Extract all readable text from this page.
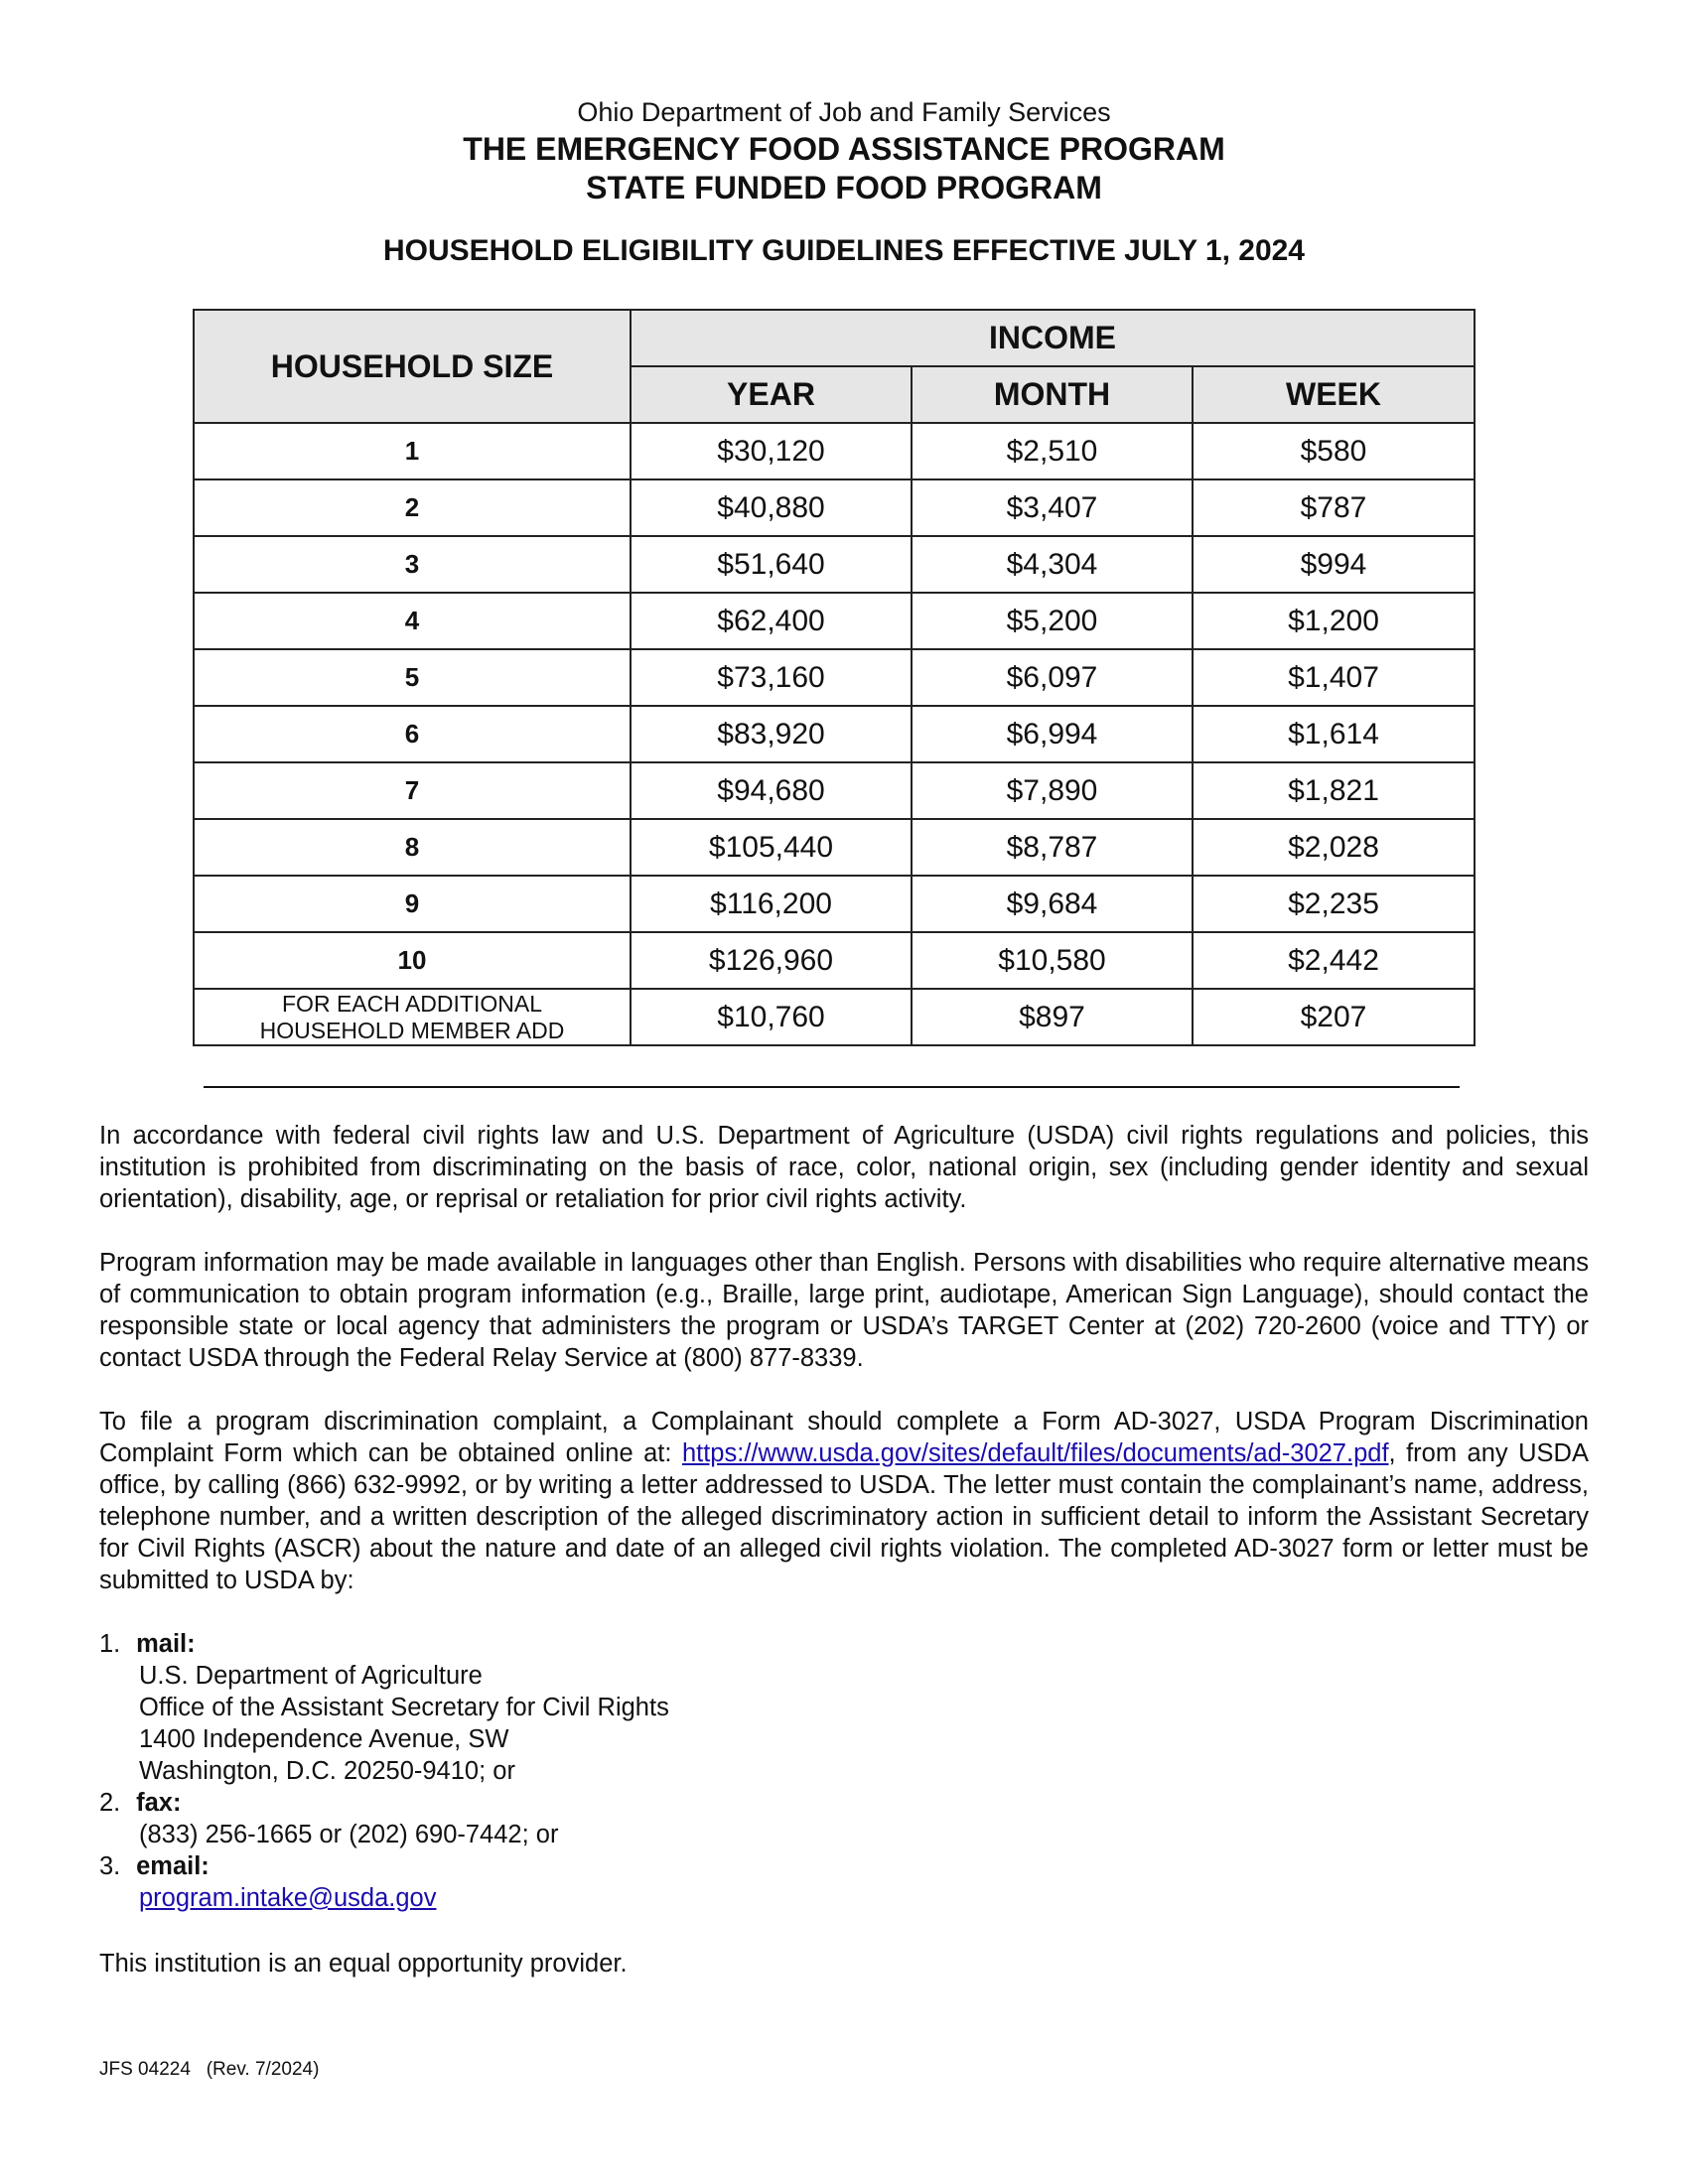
Ohio Department of Job and Family Services
THE EMERGENCY FOOD ASSISTANCE PROGRAM
STATE FUNDED FOOD PROGRAM
HOUSEHOLD ELIGIBILITY GUIDELINES EFFECTIVE JULY 1, 2024
HOUSEHOLD SIZE	INCOME		
	YEAR	MONTH	WEEK
1	$30,120	$2,510	$580
2	$40,880	$3,407	$787
3	$51,640	$4,304	$994
4	$62,400	$5,200	$1,200
5	$73,160	$6,097	$1,407
6	$83,920	$6,994	$1,614
7	$94,680	$7,890	$1,821
8	$105,440	$8,787	$2,028
9	$116,200	$9,684	$2,235
10	$126,960	$10,580	$2,442
FOR EACH ADDITIONAL
HOUSEHOLD MEMBER ADD	$10,760	$897	$207
In accordance with federal civil rights law and U.S. Department of Agriculture (USDA) civil rights regulations and policies, this institution is prohibited from discriminating on the basis of race, color, national origin, sex (including gender identity and sexual orientation), disability, age, or reprisal or retaliation for prior civil rights activity.
Program information may be made available in languages other than English. Persons with disabilities who require alternative means of communication to obtain program information (e.g., Braille, large print, audiotape, American Sign Language), should contact the responsible state or local agency that administers the program or USDA’s TARGET Center at (202) 720-2600 (voice and TTY) or contact USDA through the Federal Relay Service at (800) 877-8339.
To file a program discrimination complaint, a Complainant should complete a Form AD-3027, USDA Program Discrimination Complaint Form which can be obtained online at: https://www.usda.gov/sites/default/files/documents/ad-3027.pdf, from any USDA office, by calling (866) 632-9992, or by writing a letter addressed to USDA. The letter must contain the complainant’s name, address, telephone number, and a written description of the alleged discriminatory action in sufficient detail to inform the Assistant Secretary for Civil Rights (ASCR) about the nature and date of an alleged civil rights violation. The completed AD-3027 form or letter must be submitted to USDA by:
1. mail:
U.S. Department of Agriculture
Office of the Assistant Secretary for Civil Rights
1400 Independence Avenue, SW
Washington, D.C. 20250-9410; or
2. fax:
(833) 256-1665 or (202) 690-7442; or
3. email:
program.intake@usda.gov
This institution is an equal opportunity provider.
JFS 04224   (Rev. 7/2024)
